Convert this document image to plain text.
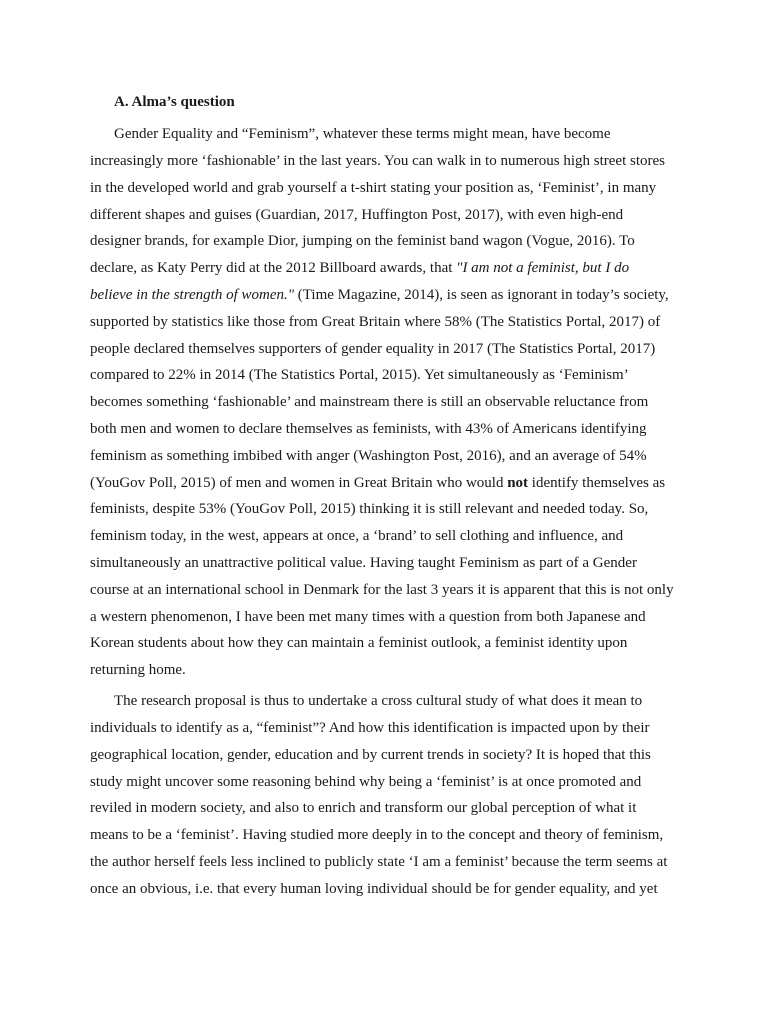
A. Alma’s question

Gender Equality and “Feminism”, whatever these terms might mean, have become

increasingly more ‘fashionable’ in the last years. You can walk in to numerous high street stores

in the developed world and grab yourself a t-shirt stating your position as, ‘Feminist’, in many

different shapes and guises (Guardian, 2017, Huffington Post, 2017), with even high-end

designer brands, for example Dior, jumping on the feminist band wagon (Vogue, 2016). To

declare, as Katy Perry did at the 2012 Billboard awards, that "I am not a feminist, but I do

believe in the strength of women." (Time Magazine, 2014), is seen as ignorant in today’s society,

supported by statistics like those from Great Britain where 58% (The Statistics Portal, 2017) of

people declared themselves supporters of gender equality in 2017 (The Statistics Portal, 2017)

compared to 22% in 2014 (The Statistics Portal, 2015). Yet simultaneously as ‘Feminism’

becomes something ‘fashionable’ and mainstream there is still an observable reluctance from

both men and women to declare themselves as feminists, with 43% of Americans identifying

feminism as something imbibed with anger (Washington Post, 2016), and an average of 54%

(YouGov Poll, 2015) of men and women in Great Britain who would not identify themselves as

feminists, despite 53% (YouGov Poll, 2015) thinking it is still relevant and needed today. So,

feminism today, in the west, appears at once, a ‘brand’ to sell clothing and influence, and

simultaneously an unattractive political value. Having taught Feminism as part of a Gender

course at an international school in Denmark for the last 3 years it is apparent that this is not only

a western phenomenon, I have been met many times with a question from both Japanese and

Korean students about how they can maintain a feminist outlook, a feminist identity upon

returning home.

The research proposal is thus to undertake a cross cultural study of what does it mean to

individuals to identify as a, “feminist”? And how this identification is impacted upon by their

geographical location, gender, education and by current trends in society? It is hoped that this

study might uncover some reasoning behind why being a ‘feminist’ is at once promoted and

reviled in modern society, and also to enrich and transform our global perception of what it

means to be a ‘feminist’. Having studied more deeply in to the concept and theory of feminism,

the author herself feels less inclined to publicly state ‘I am a feminist’ because the term seems at

once an obvious, i.e. that every human loving individual should be for gender equality, and yet
